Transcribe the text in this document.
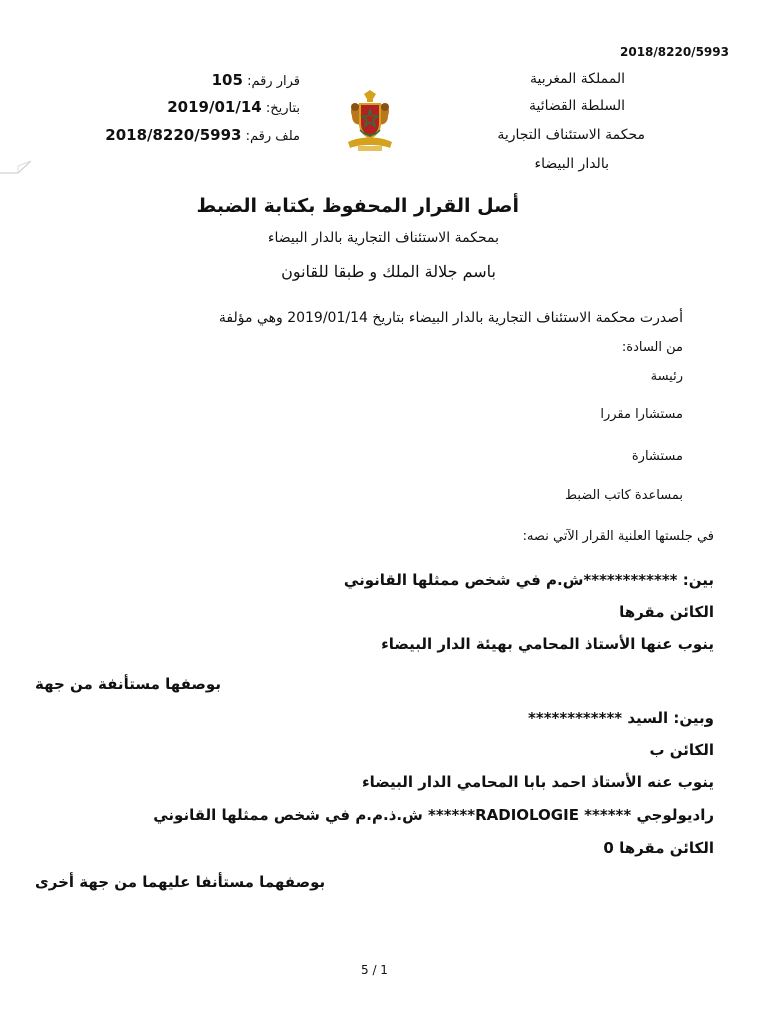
2018/8220/5993
المملكة المغربية
السلطة القضائية
محكمة الاستئناف التجارية
بالدار البيضاء
قرار رقم: 105
بتاريخ: 2019/01/14
ملف رقم: 2018/8220/5993
أصل القرار المحفوظ بكتابة الضبط
بمحكمة الاستئناف التجارية بالدار البيضاء
باسم جلالة الملك و طبقا للقانون
أصدرت محكمة الاستئناف التجارية بالدار البيضاء بتاريخ 2019/01/14 وهي مؤلفة
من السادة:
رئيسة
مستشارا مقررا
مستشارة
بمساعدة كاتب الضبط
في جلستها العلنية القرار الآتي نصه:
بين: ************ش.م في شخص ممثلها القانوني
الكائن مقرها
ينوب عنها الأستاذ المحامي بهيئة الدار البيضاء
بوصفها مستأنفة من جهة
وبين: السيد ************
الكائن ب
ينوب عنه الأستاذ احمد بابا المحامي الدار البيضاء
راديولوجي ****** RADIOLOGIE****** ش.ذ.م.م في شخص ممثلها القانوني
الكائن مقرها 0
بوصفهما مستأنفا عليهما من جهة أخرى
5 / 1
